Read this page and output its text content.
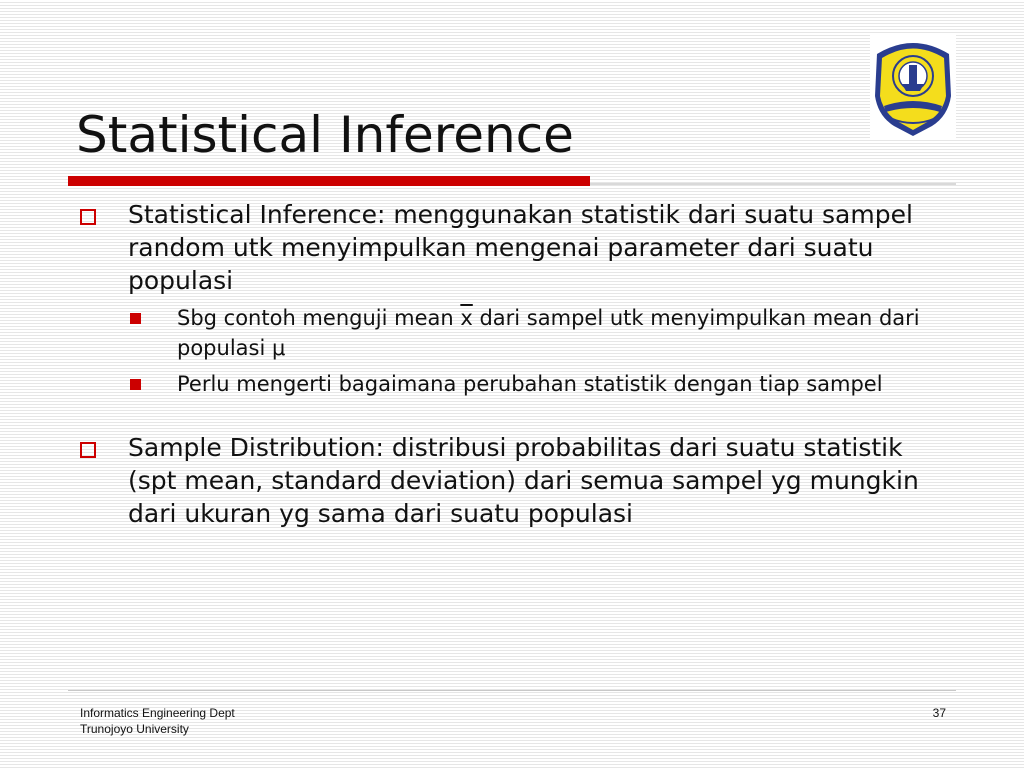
Statistical Inference
Statistical Inference: menggunakan statistik dari suatu sampel random utk menyimpulkan mengenai parameter dari suatu populasi
Sbg contoh menguji mean $\overline{x}$ dari sampel utk menyimpulkan mean dari populasi μ
Perlu mengerti bagaimana perubahan statistik dengan tiap sampel
Sample Distribution: distribusi probabilitas dari suatu statistik (spt mean, standard deviation) dari semua sampel yg mungkin dari ukuran yg sama dari suatu populasi
Informatics Engineering Dept
Trunojoyo University
37
